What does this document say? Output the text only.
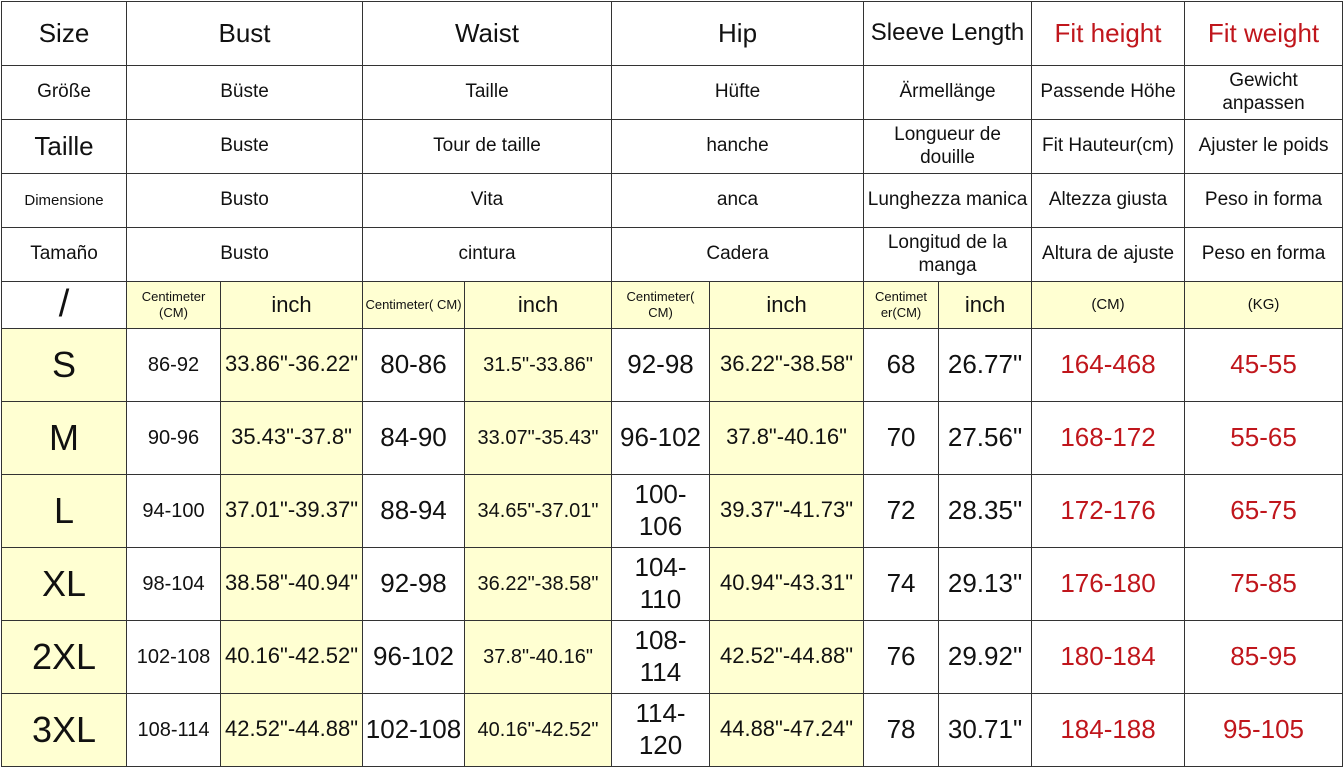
Size	Bust		Waist		Hip		Sleeve Length		Fit height	Fit weight
Größe	Büste		Taille		Hüfte		Ärmellänge		Passende Höhe	Gewicht anpassen
Taille	Buste		Tour de taille		hanche		Longueur de douille		Fit Hauteur(cm)	Ajuster le poids
Dimensione	Busto		Vita		anca		Lunghezza manica		Altezza giusta	Peso in forma
Tamaño	Busto		cintura		Cadera		Longitud de la manga		Altura de ajuste	Peso en forma
/	Centimeter (CM)	inch	Centimeter( CM)	inch	Centimeter( CM)	inch	Centimet er(CM)	inch	(CM)	(KG)
S	86-92	33.86"-36.22"	80-86	31.5"-33.86"	92-98	36.22"-38.58"	68	26.77"	164-468	45-55
M	90-96	35.43"-37.8"	84-90	33.07"-35.43"	96-102	37.8"-40.16"	70	27.56"	168-172	55-65
L	94-100	37.01"-39.37"	88-94	34.65"-37.01"	100-106	39.37"-41.73"	72	28.35"	172-176	65-75
XL	98-104	38.58"-40.94"	92-98	36.22"-38.58"	104-110	40.94"-43.31"	74	29.13"	176-180	75-85
2XL	102-108	40.16"-42.52"	96-102	37.8"-40.16"	108-114	42.52"-44.88"	76	29.92"	180-184	85-95
3XL	108-114	42.52"-44.88"	102-108	40.16"-42.52"	114-120	44.88"-47.24"	78	30.71"	184-188	95-105
